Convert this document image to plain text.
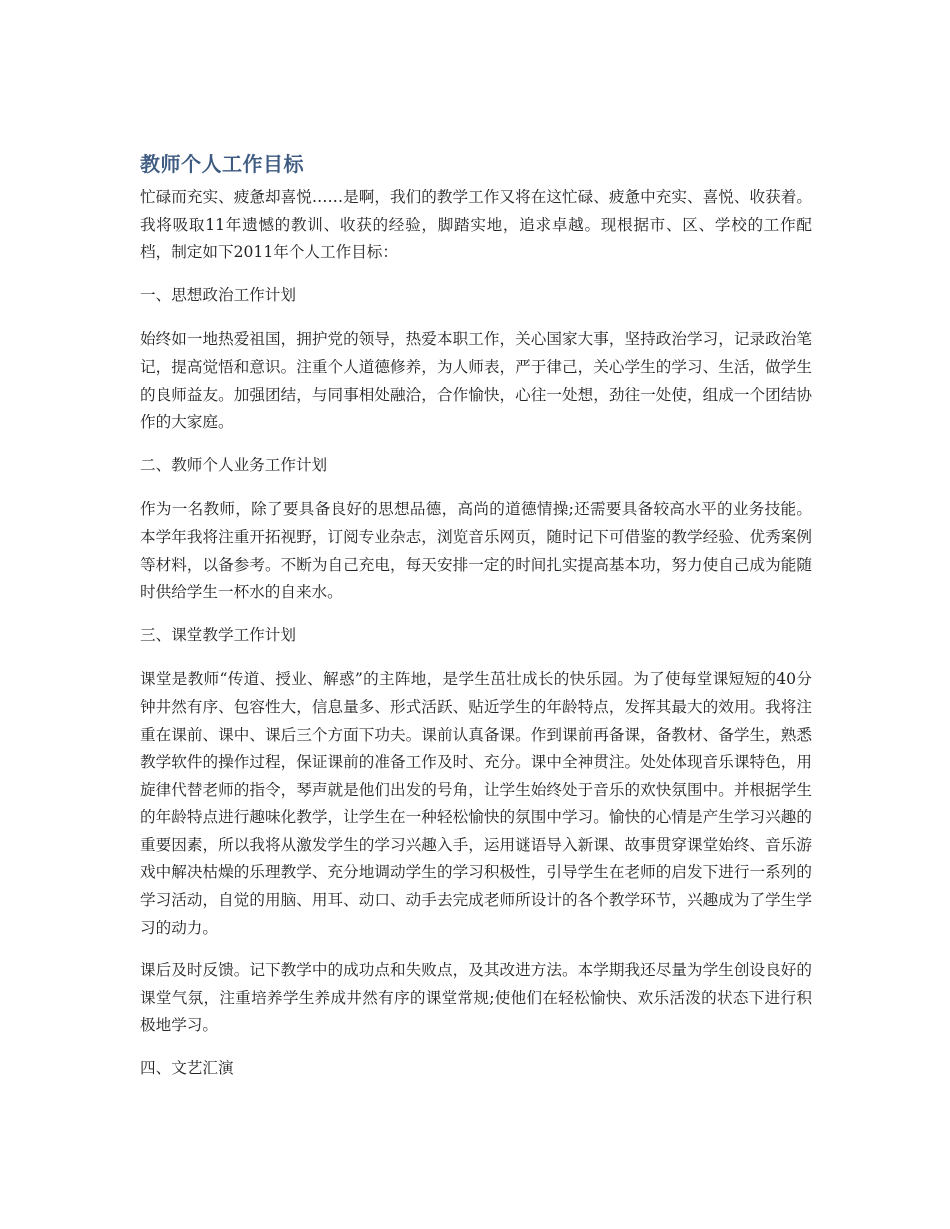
教师个人工作目标

忙碌而充实、疲惫却喜悦……是啊，我们的教学工作又将在这忙碌、疲惫中充实、喜悦、收获着。我将吸取11年遗憾的教训、收获的经验，脚踏实地，追求卓越。现根据市、区、学校的工作配档，制定如下2011年个人工作目标：

一、思想政治工作计划

始终如一地热爱祖国，拥护党的领导，热爱本职工作，关心国家大事，坚持政治学习，记录政治笔记，提高觉悟和意识。注重个人道德修养，为人师表，严于律己，关心学生的学习、生活，做学生的良师益友。加强团结，与同事相处融洽，合作愉快，心往一处想，劲往一处使，组成一个团结协作的大家庭。

二、教师个人业务工作计划

作为一名教师，除了要具备良好的思想品德，高尚的道德情操;还需要具备较高水平的业务技能。本学年我将注重开拓视野，订阅专业杂志，浏览音乐网页，随时记下可借鉴的教学经验、优秀案例等材料，以备参考。不断为自己充电，每天安排一定的时间扎实提高基本功，努力使自己成为能随时供给学生一杯水的自来水。

三、课堂教学工作计划

课堂是教师“传道、授业、解惑”的主阵地，是学生茁壮成长的快乐园。为了使每堂课短短的40分钟井然有序、包容性大，信息量多、形式活跃、贴近学生的年龄特点，发挥其最大的效用。我将注重在课前、课中、课后三个方面下功夫。课前认真备课。作到课前再备课，备教材、备学生，熟悉教学软件的操作过程，保证课前的准备工作及时、充分。课中全神贯注。处处体现音乐课特色，用旋律代替老师的指令，琴声就是他们出发的号角，让学生始终处于音乐的欢快氛围中。并根据学生的年龄特点进行趣味化教学，让学生在一种轻松愉快的氛围中学习。愉快的心情是产生学习兴趣的重要因素，所以我将从激发学生的学习兴趣入手，运用谜语导入新课、故事贯穿课堂始终、音乐游戏中解决枯燥的乐理教学、充分地调动学生的学习积极性，引导学生在老师的启发下进行一系列的学习活动，自觉的用脑、用耳、动口、动手去完成老师所设计的各个教学环节，兴趣成为了学生学习的动力。

课后及时反馈。记下教学中的成功点和失败点，及其改进方法。本学期我还尽量为学生创设良好的课堂气氛，注重培养学生养成井然有序的课堂常规;使他们在轻松愉快、欢乐活泼的状态下进行积极地学习。

四、文艺汇演
